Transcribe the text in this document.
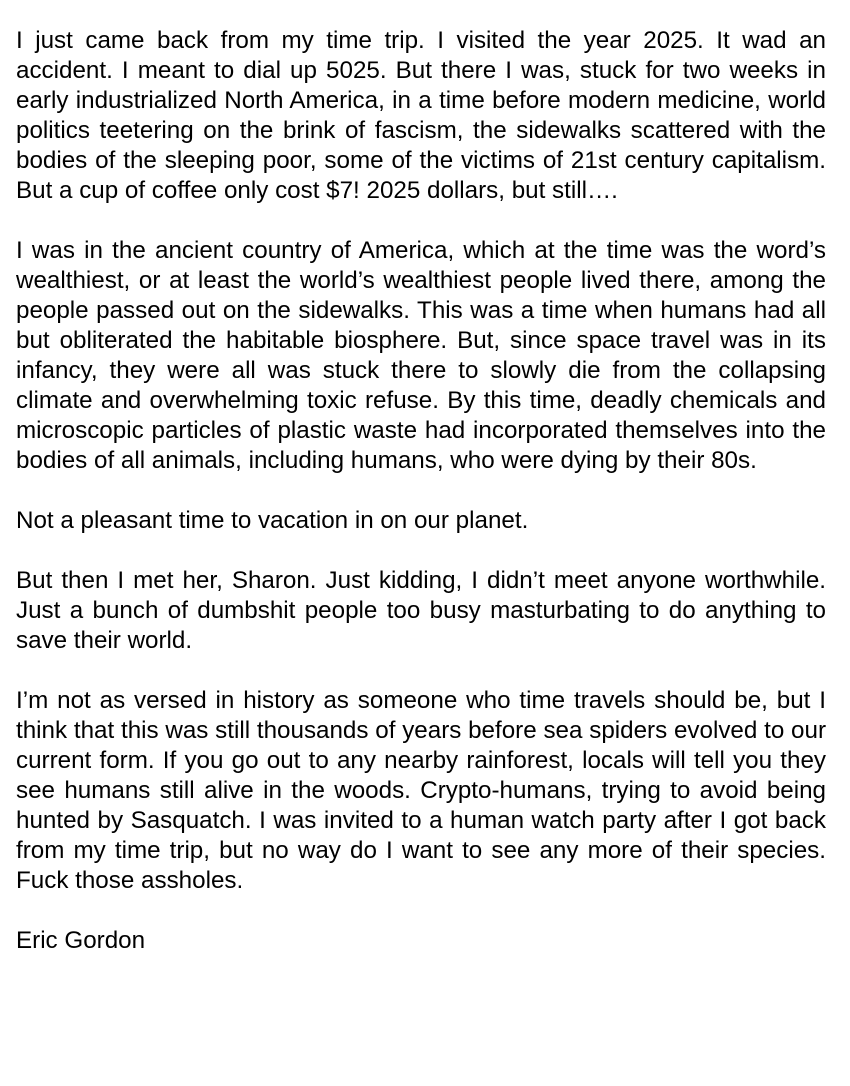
I just came back from my time trip. I visited the year 2025. It wad an accident. I meant to dial up 5025. But there I was, stuck for two weeks in early industrialized North America, in a time before modern medicine, world politics teetering on the brink of fascism, the sidewalks scattered with the bodies of the sleeping poor, some of the victims of 21st century capitalism. But a cup of coffee only cost $7! 2025 dollars, but still….

I was in the ancient country of America, which at the time was the word’s wealthiest, or at least the world’s wealthiest people lived there, among the people passed out on the sidewalks. This was a time when humans had all but obliterated the habitable biosphere. But, since space travel was in its infancy, they were all was stuck there to slowly die from the collapsing climate and overwhelming toxic refuse. By this time, deadly chemicals and microscopic particles of plastic waste had incorporated themselves into the bodies of all animals, including humans, who were dying by their 80s.

Not a pleasant time to vacation in on our planet.

But then I met her, Sharon. Just kidding, I didn’t meet anyone worthwhile. Just a bunch of dumbshit people too busy masturbating to do anything to save their world.

I’m not as versed in history as someone who time travels should be, but I think that this was still thousands of years before sea spiders evolved to our current form. If you go out to any nearby rainforest, locals will tell you they see humans still alive in the woods. Crypto-humans, trying to avoid being hunted by Sasquatch. I was invited to a human watch party after I got back from my time trip, but no way do I want to see any more of their species. Fuck those assholes.

Eric Gordon
